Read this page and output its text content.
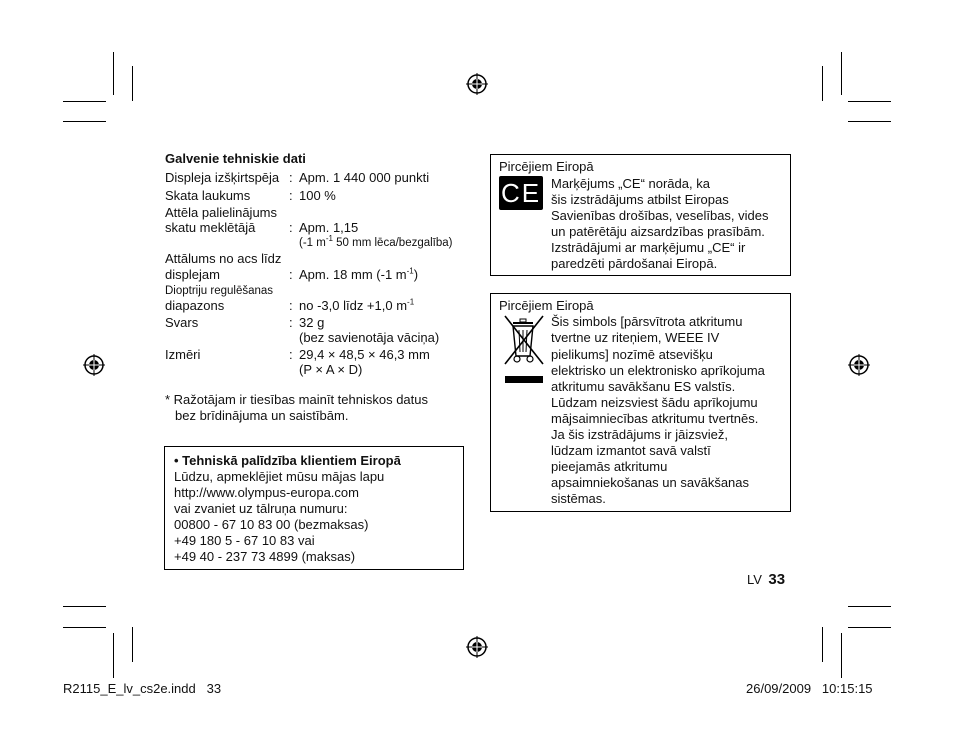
Galvenie tehniskie dati
Displeja izšķirtspēja : Apm. 1 440 000 punkti
Skata laukums	: 100 %
Attēla palielinājums
skatu meklētājā	: Apm. 1,15
(-1 $m^{-1}$ 50 mm lēca/bezgalība)
Attālums no acs līdz
displejam	: Apm. 18 mm (-1 $m^{-1}$)
Dioptriju regulēšanas
diapazons	: no -3,0 līdz +1,0 $m^{-1}$
Svars	: 32 g
(bez savienotāja vāciņa)
Izmēri	: 29,4 × 48,5 × 46,3 mm
(P × A × D)
* Ražotājam ir tiesības mainīt tehniskos datus
bez brīdinājuma un saistībām.
• Tehniskā palīdzība klientiem Eiropā
Lūdzu, apmeklējiet mūsu mājas lapu
http://www.olympus-europa.com
vai zvaniet uz tālruņa numuru:
00800 - 67 10 83 00 (bezmaksas)
+49 180 5 - 67 10 83 vai
+49 40 - 237 73 4899 (maksas)
Pircējiem Eiropā
CE Marķējums „CE“ norāda, ka
šis izstrādājums atbilst Eiropas
Savienības drošības, veselības, vides
un patērētāju aizsardzības prasībām.
Izstrādājumi ar marķējumu „CE“ ir
paredzēti pārdošanai Eiropā.
Pircējiem Eiropā
Šis simbols [pārsvītrota atkritumu
tvertne uz riteņiem, WEEE IV
pielikums] nozīmē atsevišķu
elektrisko un elektronisko aprīkojuma
atkritumu savākšanu ES valstīs.
Lūdzam neizsviest šādu aprīkojumu
mājsaimniecības atkritumu tvertnēs.
Ja šis izstrādājums ir jāizsviež,
lūdzam izmantot savā valstī
pieejamās atkritumu
apsaimniekošanas un savākšanas
sistēmas.
LV 33
R2115_E_lv_cs2e.indd 33	26/09/2009 10:15:15
